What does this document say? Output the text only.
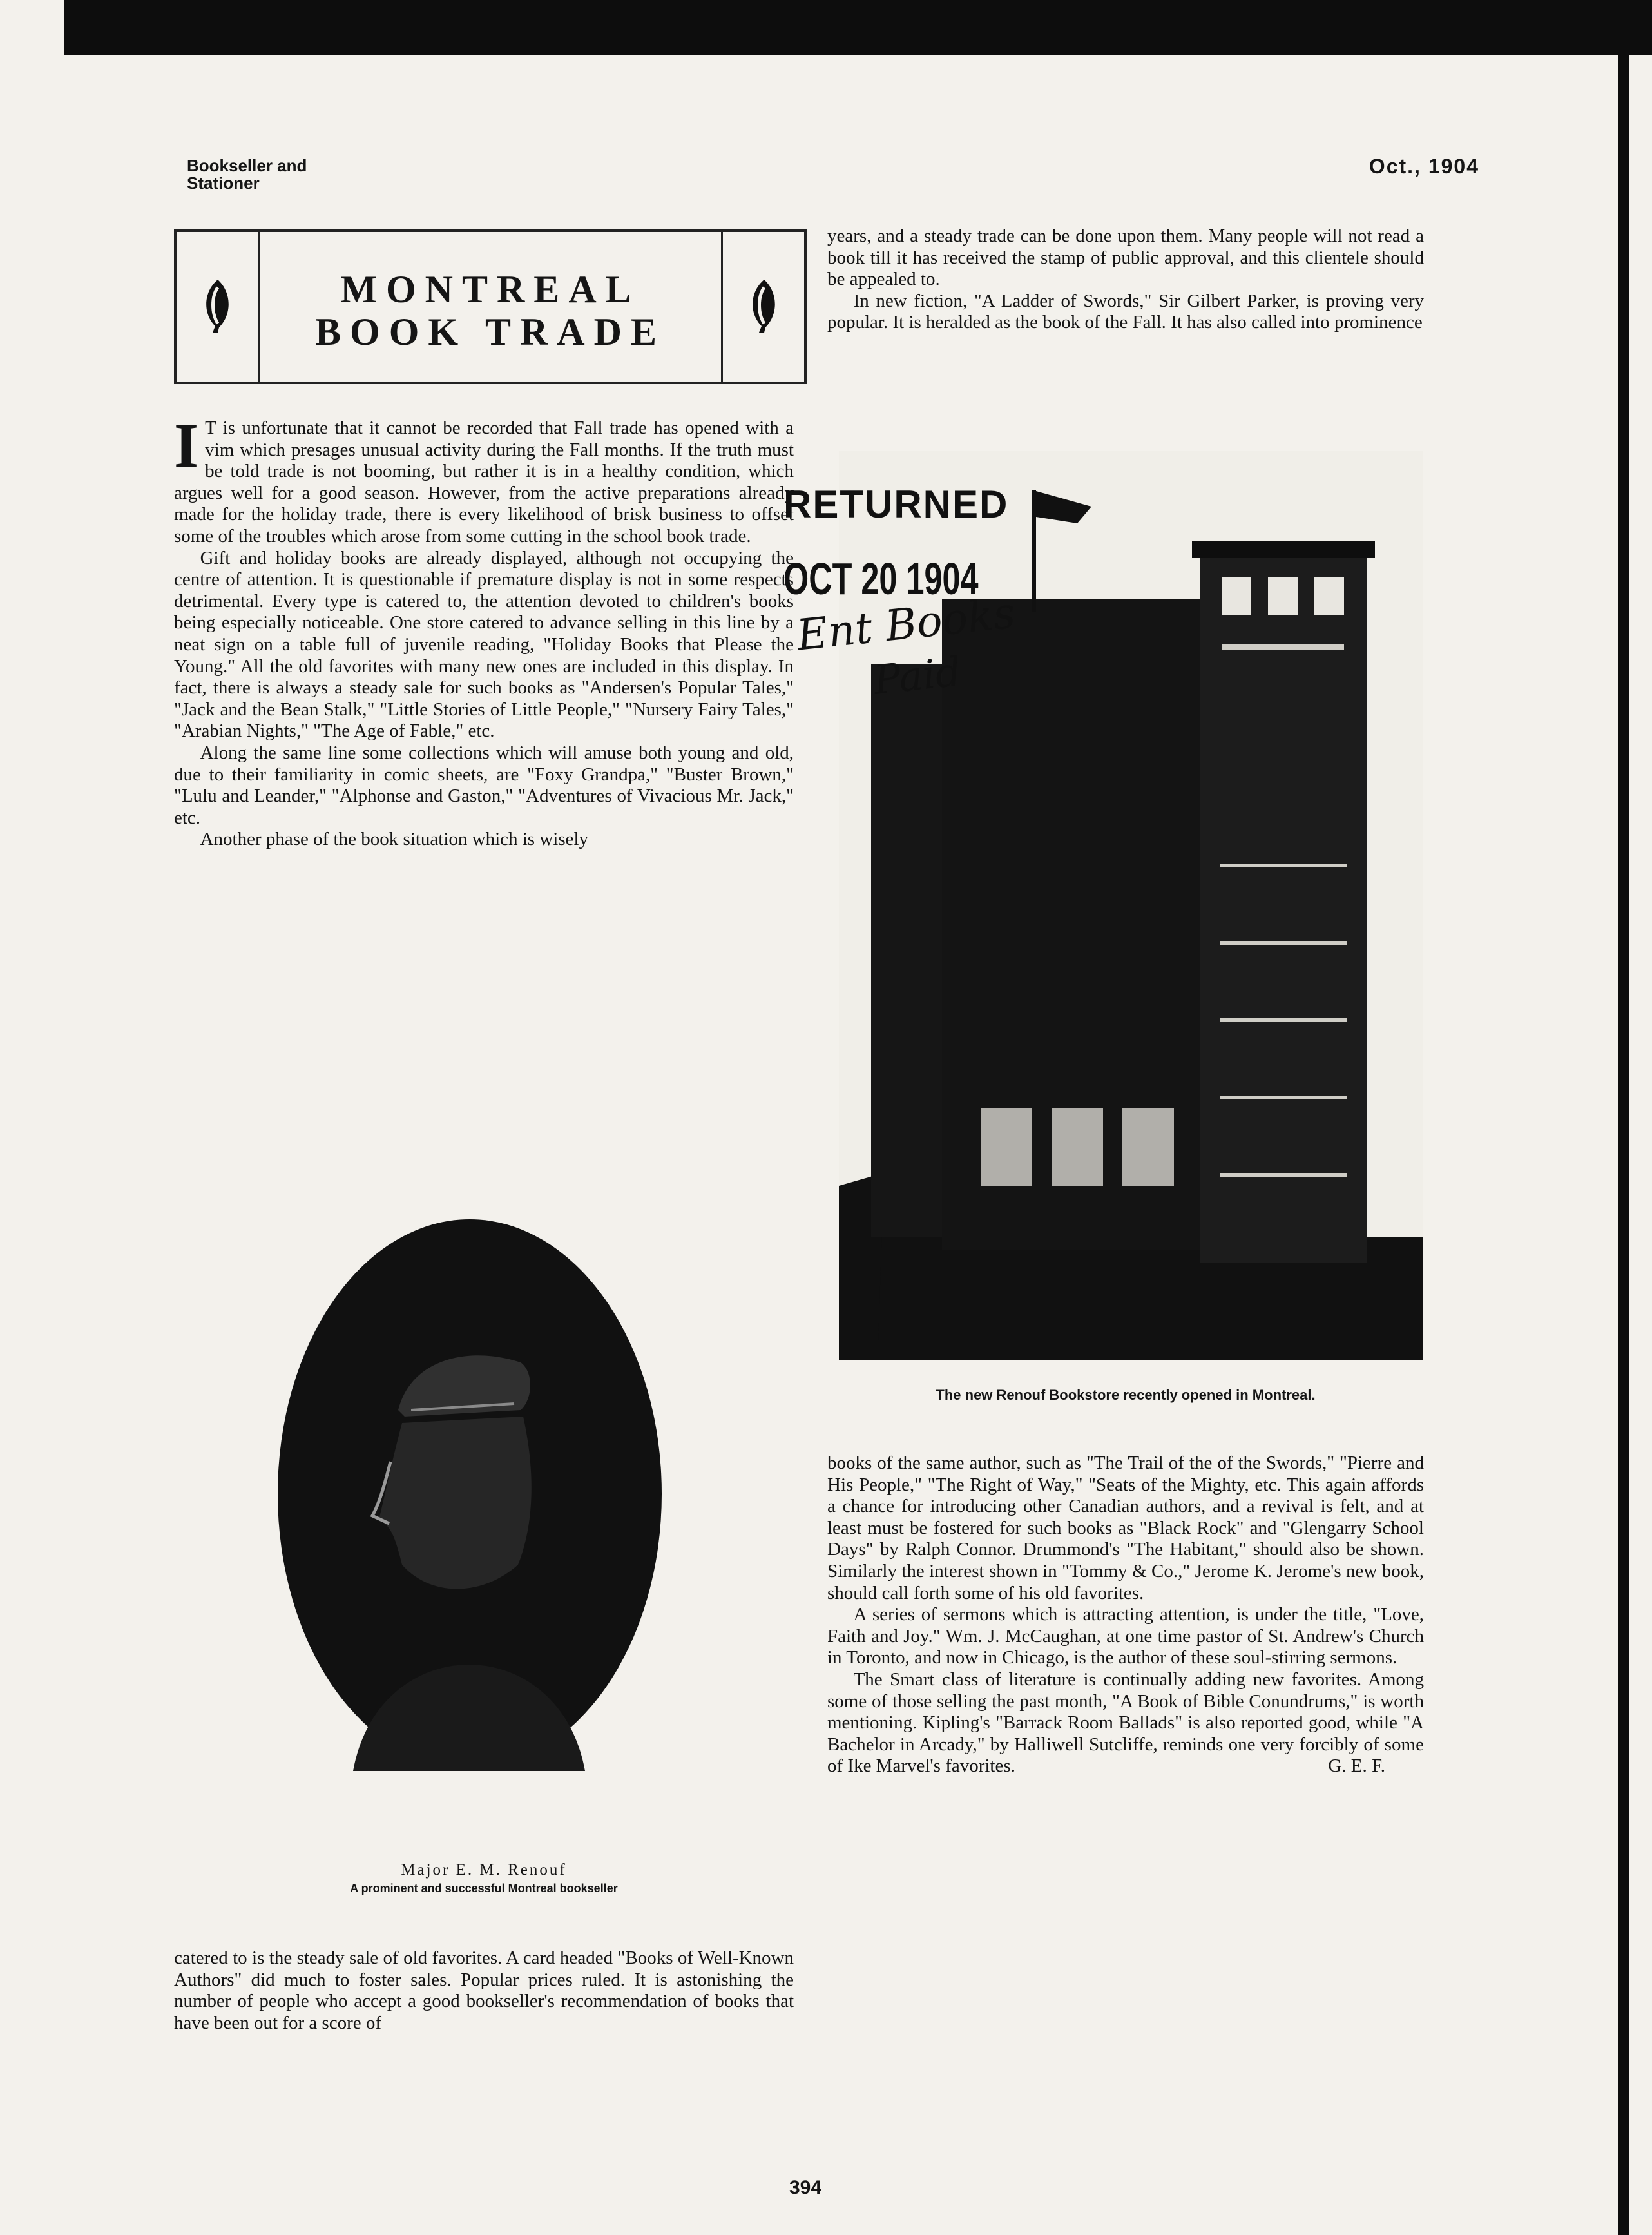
Bookseller and
Stationer
Oct., 1904
MONTREAL
BOOK TRADE

I T is unfortunate that it cannot be recorded that Fall trade has opened with a vim which presages unusual activity during the Fall months. If the truth must be told trade is not booming, but rather it is in a healthy condition, which argues well for a good season. However, from the active preparations already made for the holiday trade, there is every likelihood of brisk business to offset some of the troubles which arose from some cutting in the school book trade.

Gift and holiday books are already displayed, although not occupying the centre of attention. It is questionable if premature display is not in some respects detrimental. Every type is catered to, the attention devoted to children's books being especially noticeable. One store catered to advance selling in this line by a neat sign on a table full of juvenile reading, "Holiday Books that Please the Young." All the old favorites with many new ones are included in this display. In fact, there is always a steady sale for such books as "Andersen's Popular Tales," "Jack and the Bean Stalk," "Little Stories of Little People," "Nursery Fairy Tales," "Arabian Nights," "The Age of Fable," etc.

Along the same line some collections which will amuse both young and old, due to their familiarity in comic sheets, are "Foxy Grandpa," "Buster Brown," "Lulu and Leander," "Alphonse and Gaston," "Adventures of Vivacious Mr. Jack," etc.

Another phase of the book situation which is wisely

years, and a steady trade can be done upon them. Many people will not read a book till it has received the stamp of public approval, and this clientele should be appealed to.

In new fiction, "A Ladder of Swords," Sir Gilbert Parker, is proving very popular. It is heralded as the book of the Fall. It has also called into prominence

The new Renouf Bookstore recently opened in Montreal.
RETURNED
OCT 20 1904
Ent Books
Paid
Major E. M. Renouf
A prominent and successful Montreal bookseller

books of the same author, such as "The Trail of the of the Swords," "Pierre and His People," "The Right of Way," "Seats of the Mighty, etc. This again affords a chance for introducing other Canadian authors, and a revival is felt, and at least must be fostered for such books as "Black Rock" and "Glengarry School Days" by Ralph Connor. Drummond's "The Habitant," should also be shown. Similarly the interest shown in "Tommy & Co.," Jerome K. Jerome's new book, should call forth some of his old favorites.

A series of sermons which is attracting attention, is under the title, "Love, Faith and Joy." Wm. J. McCaughan, at one time pastor of St. Andrew's Church in Toronto, and now in Chicago, is the author of these soul-stirring sermons.

The Smart class of literature is continually adding new favorites. Among some of those selling the past month, "A Book of Bible Conundrums," is worth mentioning. Kipling's "Barrack Room Ballads" is also reported good, while "A Bachelor in Arcady," by Halliwell Sutcliffe, reminds one very forcibly of some of Ike Marvel's favorites.	G. E. F.

catered to is the steady sale of old favorites. A card headed "Books of Well-Known Authors" did much to foster sales. Popular prices ruled. It is astonishing the number of people who accept a good bookseller's recommendation of books that have been out for a score of

394
